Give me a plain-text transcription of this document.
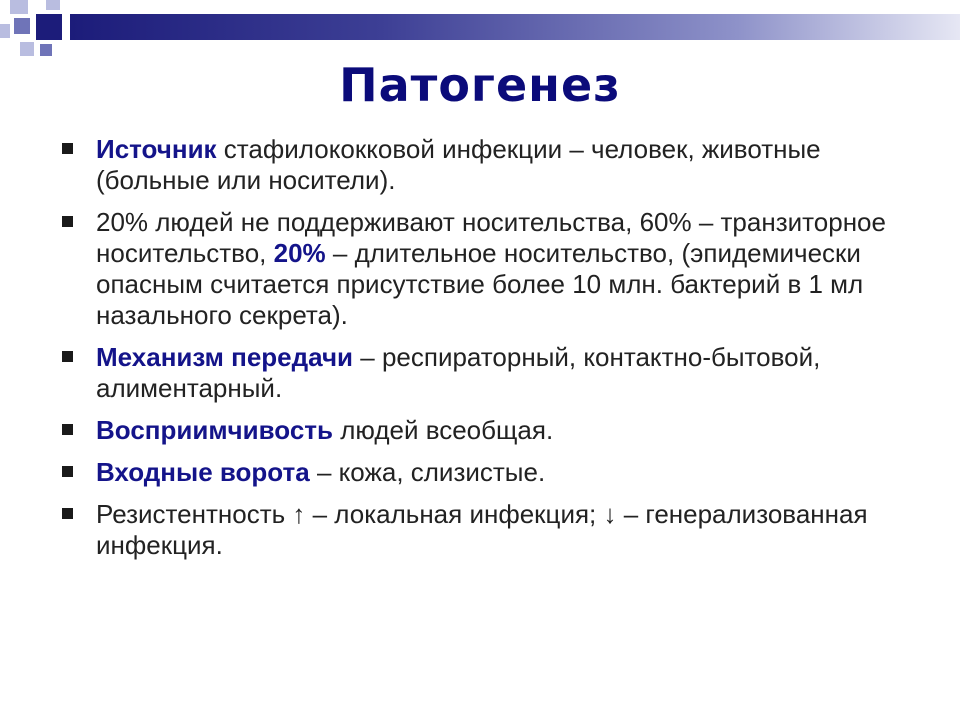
Патогенез
Источник стафилококковой инфекции – человек, животные (больные или носители).
20% людей не поддерживают носительства, 60% – транзиторное носительство, 20% – длительное носительство, (эпидемически опасным считается присутствие более 10 млн. бактерий в 1 мл назального секрета).
Механизм передачи – респираторный, контактно-бытовой, алиментарный.
Восприимчивость людей всеобщая.
Входные ворота – кожа, слизистые.
Резистентность ↑ – локальная инфекция; ↓ – генерализованная инфекция.
